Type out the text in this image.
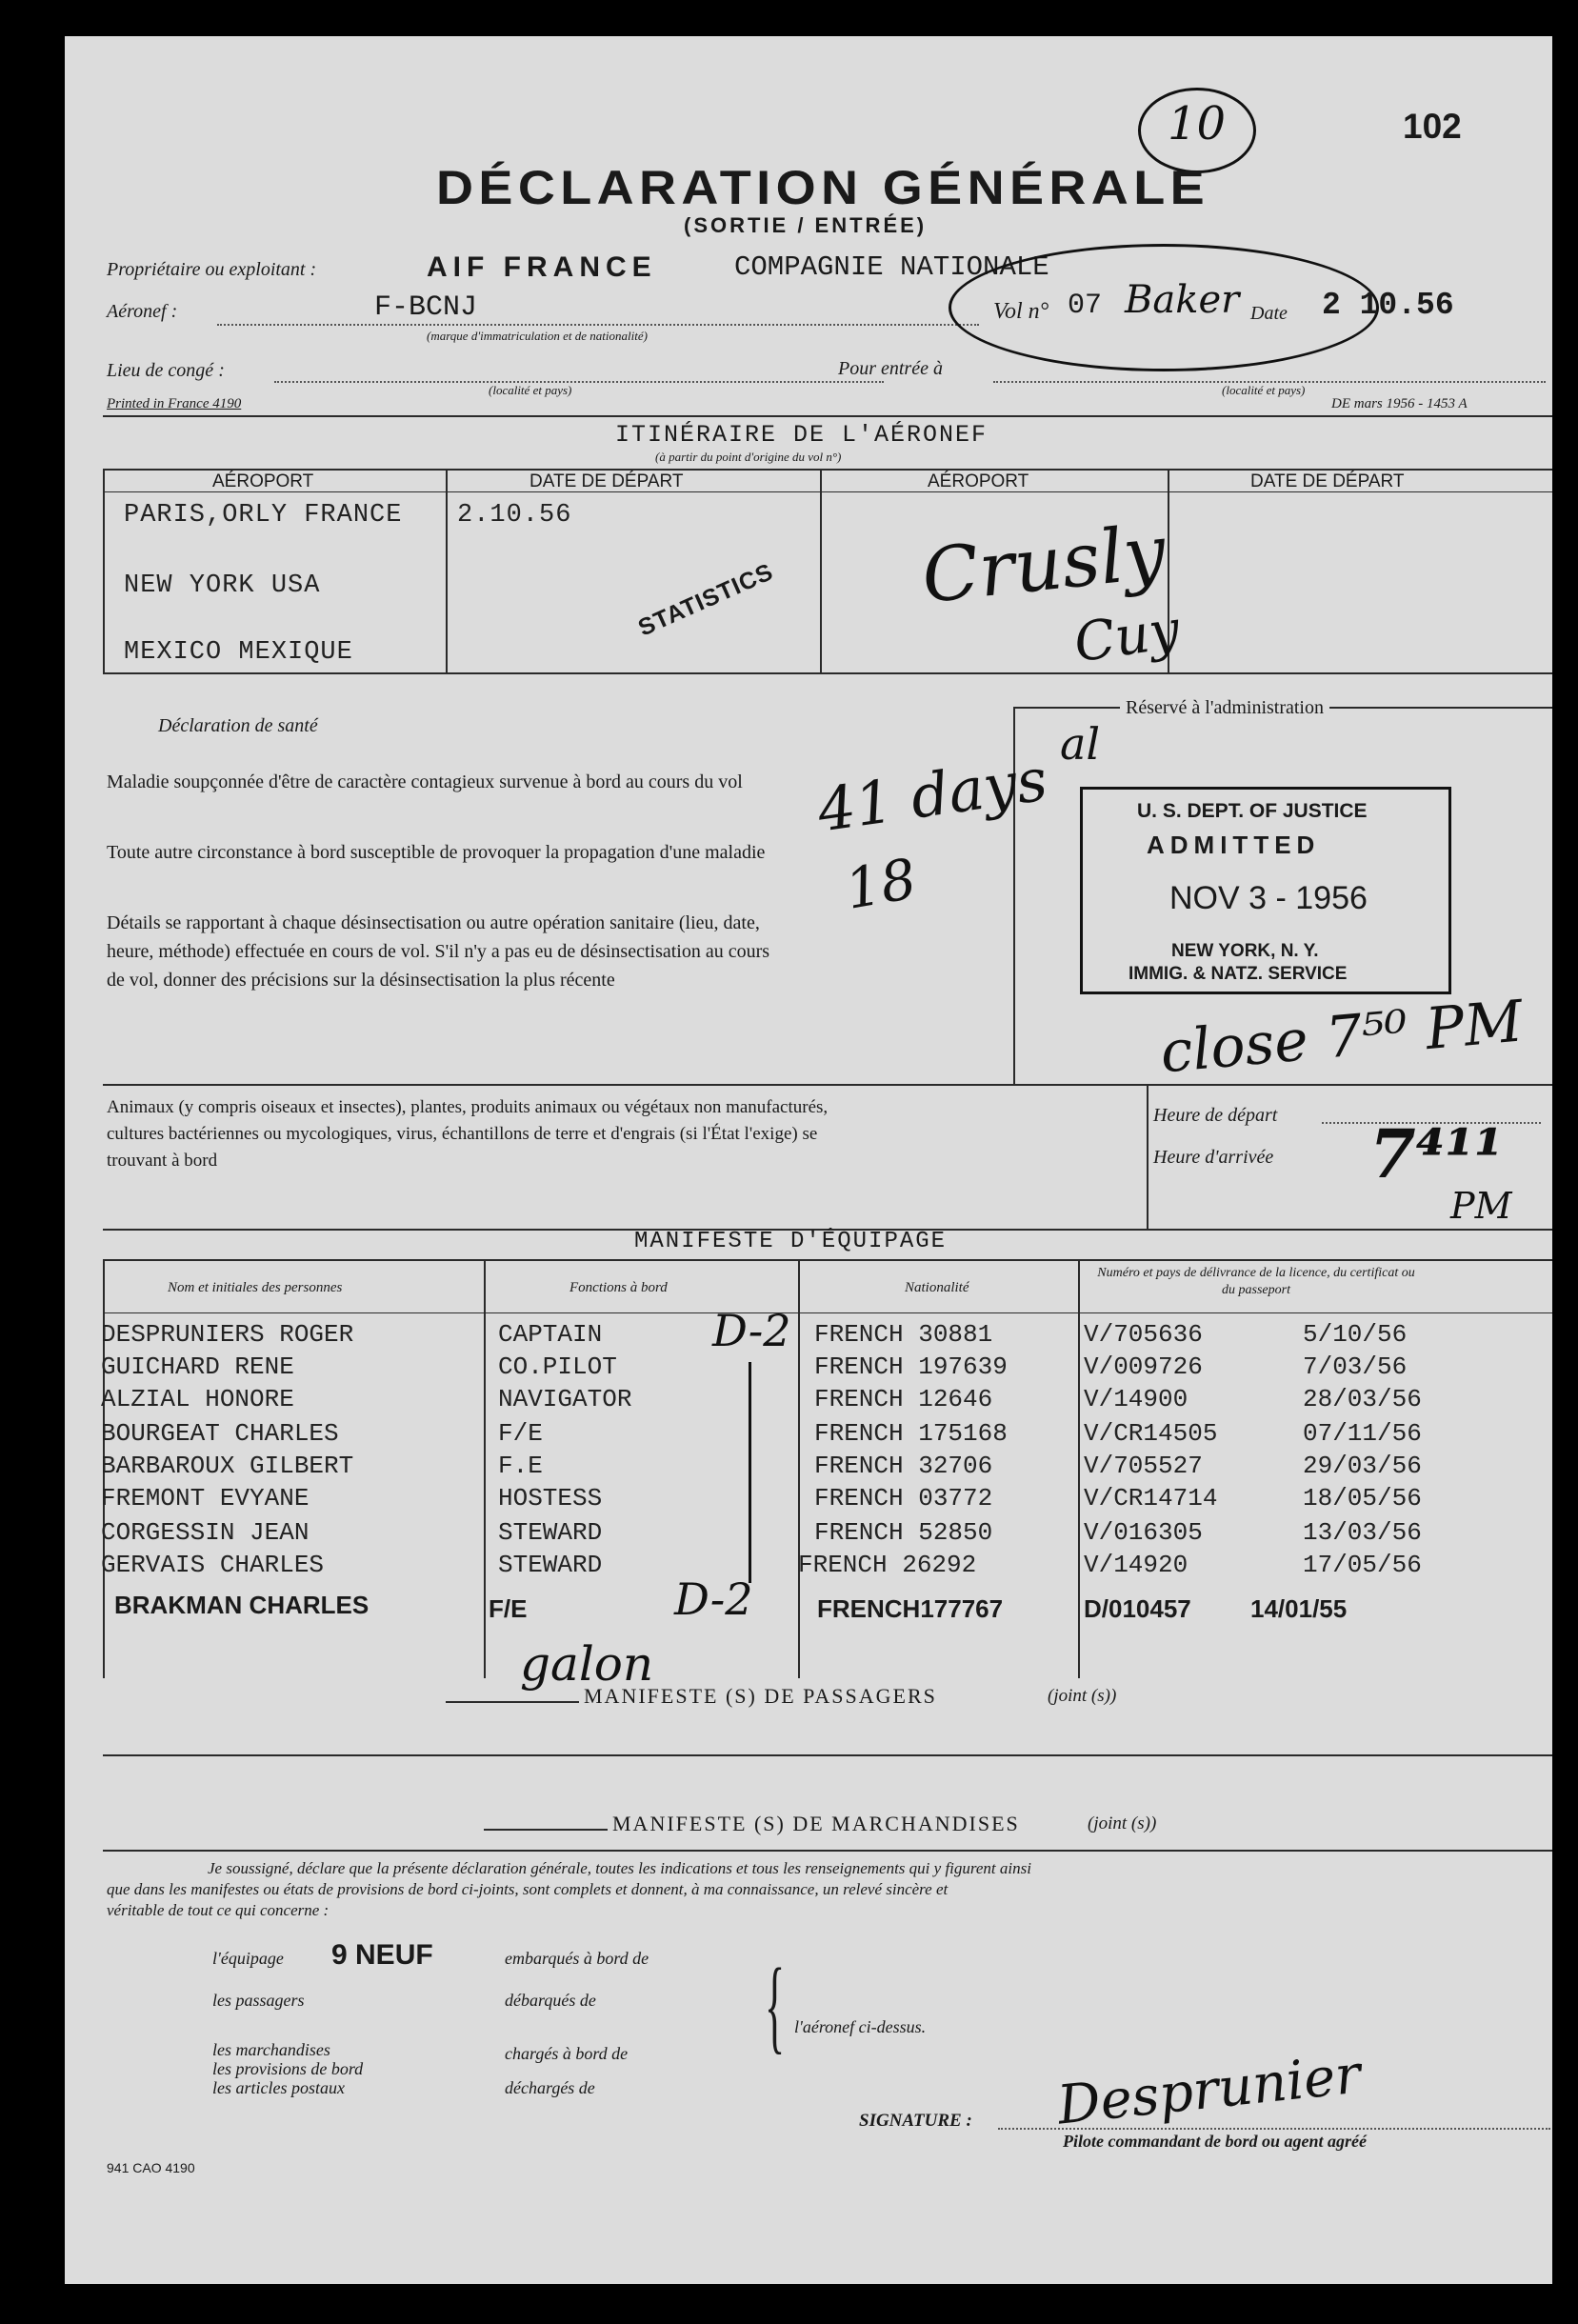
102
10
DÉCLARATION GÉNÉRALE
(SORTIE / ENTRÉE)
Propriétaire ou exploitant :	AIF FRANCE	COMPAGNIE NATIONALE
Aéronef :	F-BCNJ
(marque d'immatriculation et de nationalité)
Vol n° 07 Baker Date 2 10.56
Lieu de congé :
(localité et pays)
Pour entrée à
(localité et pays)
Printed in France 4190	DE mars 1956 - 1453 A
ITINÉRAIRE DE L'AÉRONEF
(à partir du point d'origine du vol n°)
AÉROPORT	DATE DE DÉPART	AÉROPORT	DATE DE DÉPART
PARIS,ORLY FRANCE 2.10.56
NEW YORK USA
MEXICO MEXIQUE
STATISTICS Crusly
Cuy
Déclaration de santé
Maladie soupçonnée d'être de caractère contagieux survenue à bord au cours du vol
Toute autre circonstance à bord susceptible de provoquer la propagation d'une maladie
Détails se rapportant à chaque désinsectisation ou autre opération sanitaire (lieu, date,
heure, méthode) effectuée en cours de vol. S'il n'y a pas eu de désinsectisation au cours
de vol, donner des précisions sur la désinsectisation la plus récente
Réservé à l'administration
41 days
al
18
U. S. DEPT. OF JUSTICE
ADMITTED
NOV 3 - 1956
NEW YORK, N. Y.
IMMIG. & NATZ. SERVICE
close 7⁵⁰ PM
Animaux (y compris oiseaux et insectes), plantes, produits animaux ou végétaux non manufacturés,
cultures bactériennes ou mycologiques, virus, échantillons de terre et d'engrais (si l'État l'exige) se
trouvant à bord
Heure de départ
Heure d'arrivée 7⁴¹¹
PM
MANIFESTE D'ÉQUIPAGE
Nom et initiales des personnes	Fonctions à bord	Nationalité
Numéro et pays de délivrance de la licence, du certificat ou du passeport
DESPRUNIERS ROGER	CAPTAIN	FRENCH 30881	V/705636	5/10/56
GUICHARD RENE	CO.PILOT	FRENCH 197639	V/009726	7/03/56
ALZIAL HONORE	NAVIGATOR	FRENCH 12646	V/14900	28/03/56
BOURGEAT CHARLES	F/E	FRENCH 175168	V/CR14505	07/11/56
BARBAROUX GILBERT	F.E	FRENCH 32706	V/705527	29/03/56
FREMONT EVYANE	HOSTESS	FRENCH 03772	V/CR14714	18/05/56
CORGESSIN JEAN	STEWARD	FRENCH 52850	V/016305	13/03/56
GERVAIS CHARLES	STEWARD	FRENCH 26292	V/14920	17/05/56
BRAKMAN CHARLES	F/E	FRENCH177767	D/010457 14/01/55
D-2
D-2
galon
MANIFESTE (S) DE PASSAGERS	(joint (s))
MANIFESTE (S) DE MARCHANDISES	(joint (s))
Je soussigné, déclare que la présente déclaration générale, toutes les indications et tous les renseignements qui y figurent ainsi
que dans les manifestes ou états de provisions de bord ci-joints, sont complets et donnent, à ma connaissance, un relevé sincère et
véritable de tout ce qui concerne :
l'équipage 9 NEUF	embarqués à bord de
les passagers	débarqués de
les marchandises
les provisions de bord
les articles postaux
chargés à bord de
déchargés de
{ l'aéronef ci-dessus.
SIGNATURE : Desprunier
Pilote commandant de bord ou agent agréé
941 CAO 4190
